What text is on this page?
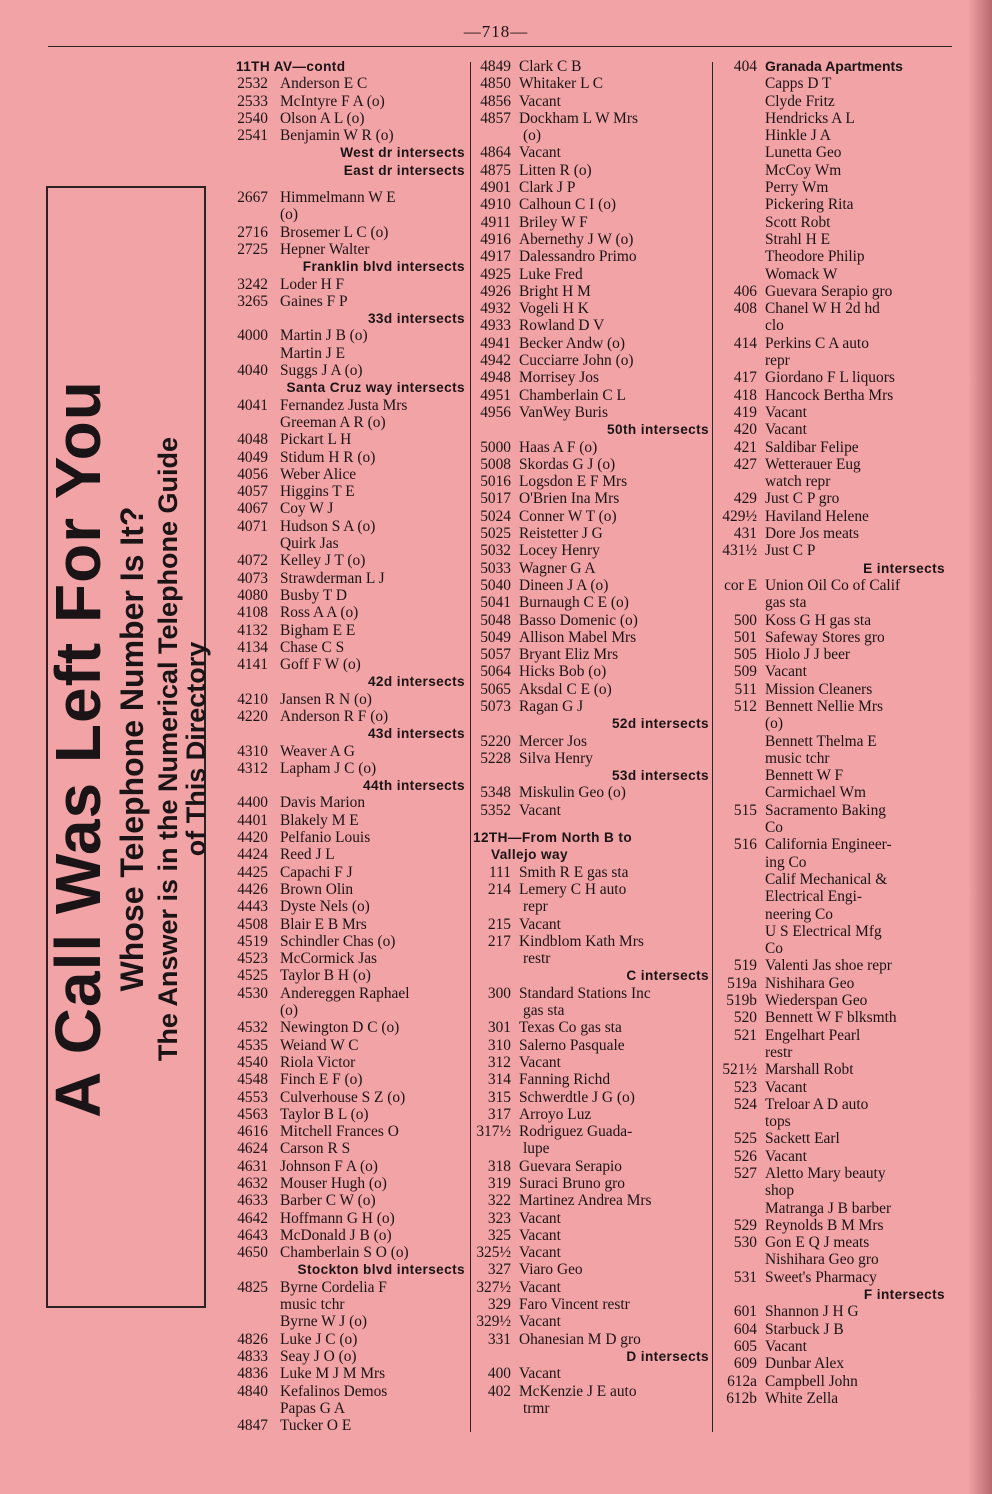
—718—
A Call Was Left For You Whose Telephone Number Is It? The Answer is in the Numerical Telephone Guide
of This Directory
11TH AV—contd
2532 Anderson E C
2533 McIntyre F A (o)
2540 Olson A L (o)
2541 Benjamin W R (o)
West dr intersects
East dr intersects
2667 Himmelmann W E
(o)
2716 Brosemer L C (o)
2725 Hepner Walter
Franklin blvd intersects
3242 Loder H F
3265 Gaines F P
33d intersects
4000 Martin J B (o)
Martin J E
4040 Suggs J A (o)
Santa Cruz way intersects
4041 Fernandez Justa Mrs
Greeman A R (o)
4048 Pickart L H
4049 Stidum H R (o)
4056 Weber Alice
4057 Higgins T E
4067 Coy W J
4071 Hudson S A (o)
Quirk Jas
4072 Kelley J T (o)
4073 Strawderman L J
4080 Busby T D
4108 Ross A A (o)
4132 Bigham E E
4134 Chase C S
4141 Goff F W (o)
42d intersects
4210 Jansen R N (o)
4220 Anderson R F (o)
43d intersects
4310 Weaver A G
4312 Lapham J C (o)
44th intersects
4400 Davis Marion
4401 Blakely M E
4420 Pelfanio Louis
4424 Reed J L
4425 Capachi F J
4426 Brown Olin
4443 Dyste Nels (o)
4508 Blair E B Mrs
4519 Schindler Chas (o)
4523 McCormick Jas
4525 Taylor B H (o)
4530 Andereggen Raphael
(o)
4532 Newington D C (o)
4535 Weiand W C
4540 Riola Victor
4548 Finch E F (o)
4553 Culverhouse S Z (o)
4563 Taylor B L (o)
4616 Mitchell Frances O
4624 Carson R S
4631 Johnson F A (o)
4632 Mouser Hugh (o)
4633 Barber C W (o)
4642 Hoffmann G H (o)
4643 McDonald J B (o)
4650 Chamberlain S O (o)
Stockton blvd intersects
4825 Byrne Cordelia F
music tchr
Byrne W J (o)
4826 Luke J C (o)
4833 Seay J O (o)
4836 Luke M J M Mrs
4840 Kefalinos Demos
Papas G A
4847 Tucker O E
4849 Clark C B
4850 Whitaker L C
4856 Vacant
4857 Dockham L W Mrs
(o)
4864 Vacant
4875 Litten R (o)
4901 Clark J P
4910 Calhoun C I (o)
4911 Briley W F
4916 Abernethy J W (o)
4917 Dalessandro Primo
4925 Luke Fred
4926 Bright H M
4932 Vogeli H K
4933 Rowland D V
4941 Becker Andw (o)
4942 Cucciarre John (o)
4948 Morrisey Jos
4951 Chamberlain C L
4956 VanWey Buris
50th intersects
5000 Haas A F (o)
5008 Skordas G J (o)
5016 Logsdon E F Mrs
5017 O'Brien Ina Mrs
5024 Conner W T (o)
5025 Reistetter J G
5032 Locey Henry
5033 Wagner G A
5040 Dineen J A (o)
5041 Burnaugh C E (o)
5048 Basso Domenic (o)
5049 Allison Mabel Mrs
5057 Bryant Eliz Mrs
5064 Hicks Bob (o)
5065 Aksdal C E (o)
5073 Ragan G J
52d intersects
5220 Mercer Jos
5228 Silva Henry
53d intersects
5348 Miskulin Geo (o)
5352 Vacant
12TH—From North B to
Vallejo way
111 Smith R E gas sta
214 Lemery C H auto
repr
215 Vacant
217 Kindblom Kath Mrs
restr
C intersects
300 Standard Stations Inc
gas sta
301 Texas Co gas sta
310 Salerno Pasquale
312 Vacant
314 Fanning Richd
315 Schwerdtle J G (o)
317 Arroyo Luz
317½ Rodriguez Guada-
lupe
318 Guevara Serapio
319 Suraci Bruno gro
322 Martinez Andrea Mrs
323 Vacant
325 Vacant
325½ Vacant
327 Viaro Geo
327½ Vacant
329 Faro Vincent restr
329½ Vacant
331 Ohanesian M D gro
D intersects
400 Vacant
402 McKenzie J E auto
trmr
404 Granada Apartments
Capps D T
Clyde Fritz
Hendricks A L
Hinkle J A
Lunetta Geo
McCoy Wm
Perry Wm
Pickering Rita
Scott Robt
Strahl H E
Theodore Philip
Womack W
406 Guevara Serapio gro
408 Chanel W H 2d hd
clo
414 Perkins C A auto
repr
417 Giordano F L liquors
418 Hancock Bertha Mrs
419 Vacant
420 Vacant
421 Saldibar Felipe
427 Wetterauer Eug
watch repr
429 Just C P gro
429½ Haviland Helene
431 Dore Jos meats
431½ Just C P
E intersects
cor E Union Oil Co of Calif
gas sta
500 Koss G H gas sta
501 Safeway Stores gro
505 Hiolo J J beer
509 Vacant
511 Mission Cleaners
512 Bennett Nellie Mrs
(o)
Bennett Thelma E
music tchr
Bennett W F
Carmichael Wm
515 Sacramento Baking
Co
516 California Engineer-
ing Co
Calif Mechanical &
Electrical Engi-
neering Co
U S Electrical Mfg
Co
519 Valenti Jas shoe repr
519a Nishihara Geo
519b Wiederspan Geo
520 Bennett W F blksmth
521 Engelhart Pearl
restr
521½ Marshall Robt
523 Vacant
524 Treloar A D auto
tops
525 Sackett Earl
526 Vacant
527 Aletto Mary beauty
shop
Matranga J B barber
529 Reynolds B M Mrs
530 Gon E Q J meats
Nishihara Geo gro
531 Sweet's Pharmacy
F intersects
601 Shannon J H G
604 Starbuck J B
605 Vacant
609 Dunbar Alex
612a Campbell John
612b White Zella
